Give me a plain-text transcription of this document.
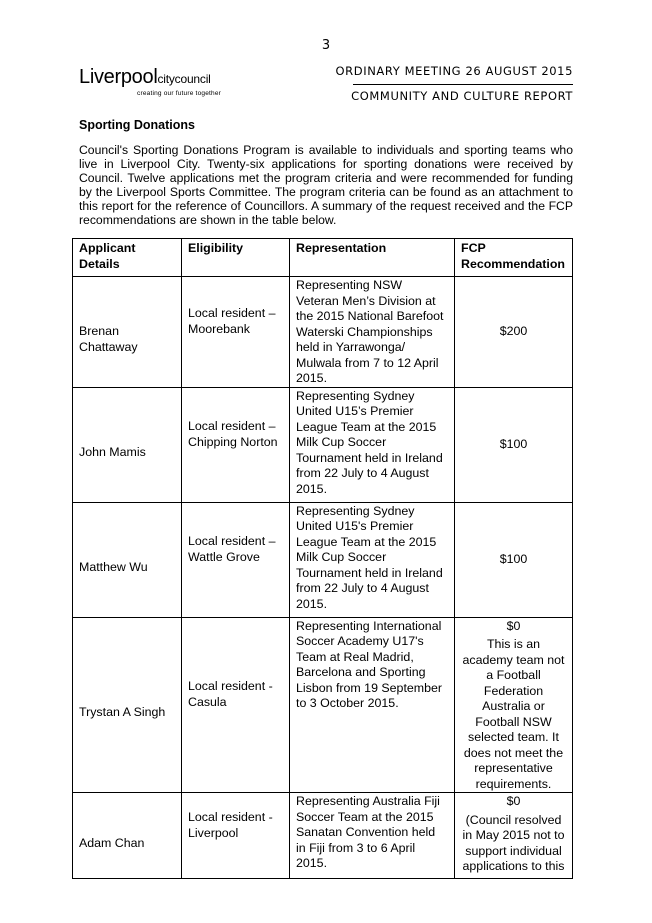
3
Liverpoolcitycouncil
creating our future together
ORDINARY MEETING 26 AUGUST 2015
COMMUNITY AND CULTURE REPORT
Sporting Donations
Council's Sporting Donations Program is available to individuals and sporting teams who live in Liverpool City. Twenty-six applications for sporting donations were received by Council. Twelve applications met the program criteria and were recommended for funding by the Liverpool Sports Committee. The program criteria can be found as an attachment to this report for the reference of Councillors. A summary of the request received and the FCP recommendations are shown in the table below.
Applicant Details	Eligibility	Representation	FCP Recommendation

Brenan Chattaway	Local resident – Moorebank	Representing NSW Veteran Men’s Division at the 2015 National Barefoot Waterski Championships held in Yarrawonga/ Mulwala from 7 to 12 April 2015.	$200

John Mamis	Local resident – Chipping Norton	Representing Sydney United U15’s Premier League Team at the 2015 Milk Cup Soccer Tournament held in Ireland from 22 July to 4 August 2015.	$100

Matthew Wu	Local resident – Wattle Grove	Representing Sydney United U15's Premier League Team at the 2015 Milk Cup Soccer Tournament held in Ireland from 22 July to 4 August 2015.	$100

Trystan A Singh	Local resident - Casula	Representing International Soccer Academy U17's Team at Real Madrid, Barcelona and Sporting Lisbon from 19 September to 3 October 2015.	$0
This is an academy team not a Football Federation Australia or Football NSW selected team. It does not meet the representative requirements.

Adam Chan	Local resident - Liverpool	Representing Australia Fiji Soccer Team at the 2015 Sanatan Convention held in Fiji from 3 to 6 April 2015.	$0
(Council resolved in May 2015 not to support individual applications to this
